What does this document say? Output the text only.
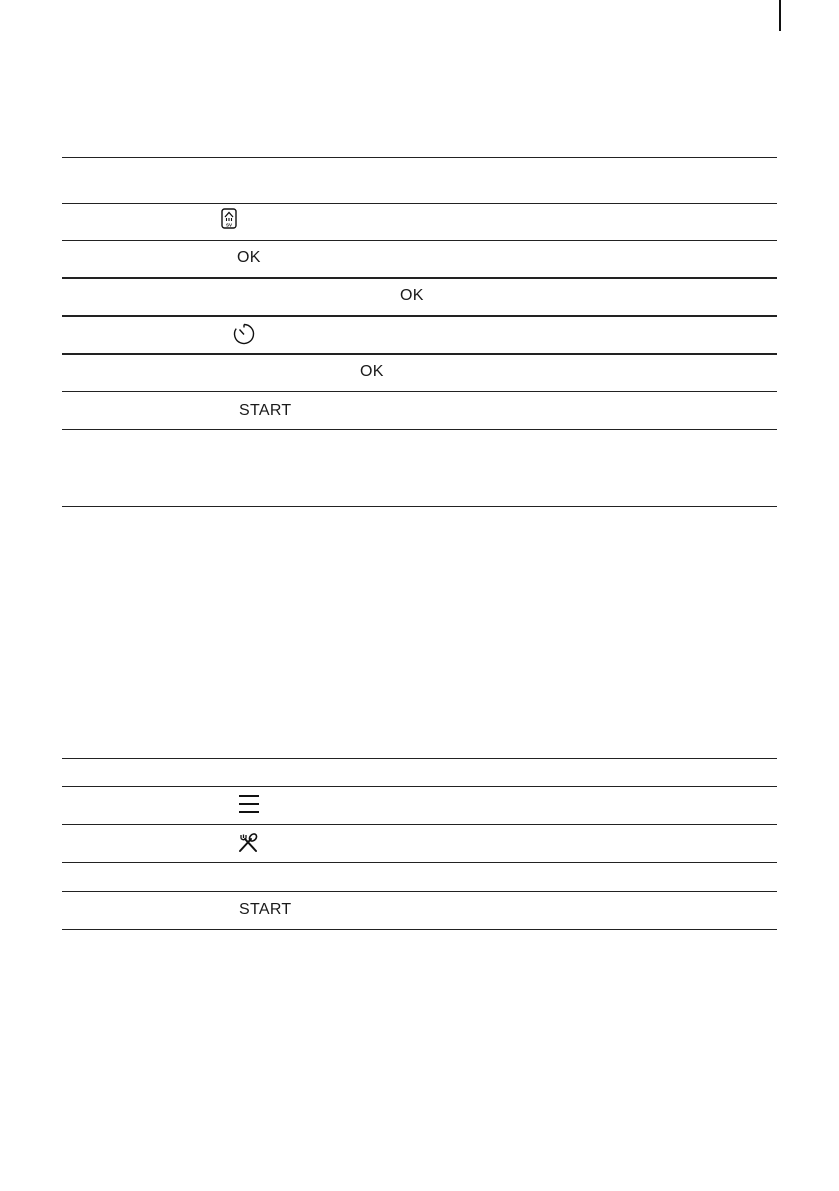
SV
OK
OK
OK
START
START
